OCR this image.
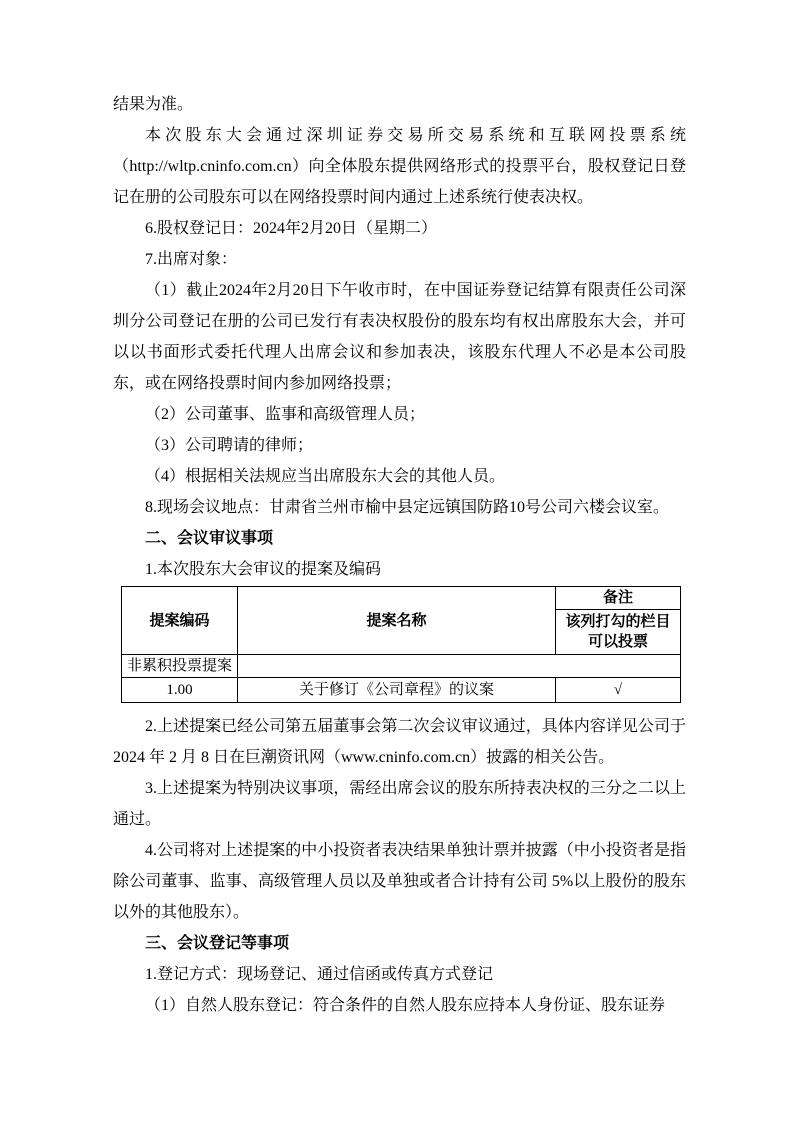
结果为准。

本次股东大会通过深圳证券交易所交易系统和互联网投票系统（http://wltp.cninfo.com.cn）向全体股东提供网络形式的投票平台，股权登记日登记在册的公司股东可以在网络投票时间内通过上述系统行使表决权。

6.股权登记日：2024年2月20日（星期二）

7.出席对象：

（1）截止2024年2月20日下午收市时，在中国证券登记结算有限责任公司深圳分公司登记在册的公司已发行有表决权股份的股东均有权出席股东大会，并可以以书面形式委托代理人出席会议和参加表决，该股东代理人不必是本公司股东，或在网络投票时间内参加网络投票；

（2）公司董事、监事和高级管理人员；

（3）公司聘请的律师；

（4）根据相关法规应当出席股东大会的其他人员。

8.现场会议地点：甘肃省兰州市榆中县定远镇国防路10号公司六楼会议室。

二、会议审议事项

1.本次股东大会审议的提案及编码

提案编码	提案名称	备注
		该列打勾的栏目可以投票
非累积投票提案		
1.00	关于修订《公司章程》的议案	√

2.上述提案已经公司第五届董事会第二次会议审议通过，具体内容详见公司于 2024 年 2 月 8 日在巨潮资讯网（www.cninfo.com.cn）披露的相关公告。

3.上述提案为特别决议事项，需经出席会议的股东所持表决权的三分之二以上通过。

4.公司将对上述提案的中小投资者表决结果单独计票并披露（中小投资者是指除公司董事、监事、高级管理人员以及单独或者合计持有公司 5%以上股份的股东以外的其他股东）。

三、会议登记等事项

1.登记方式：现场登记、通过信函或传真方式登记

（1）自然人股东登记：符合条件的自然人股东应持本人身份证、股东证券
